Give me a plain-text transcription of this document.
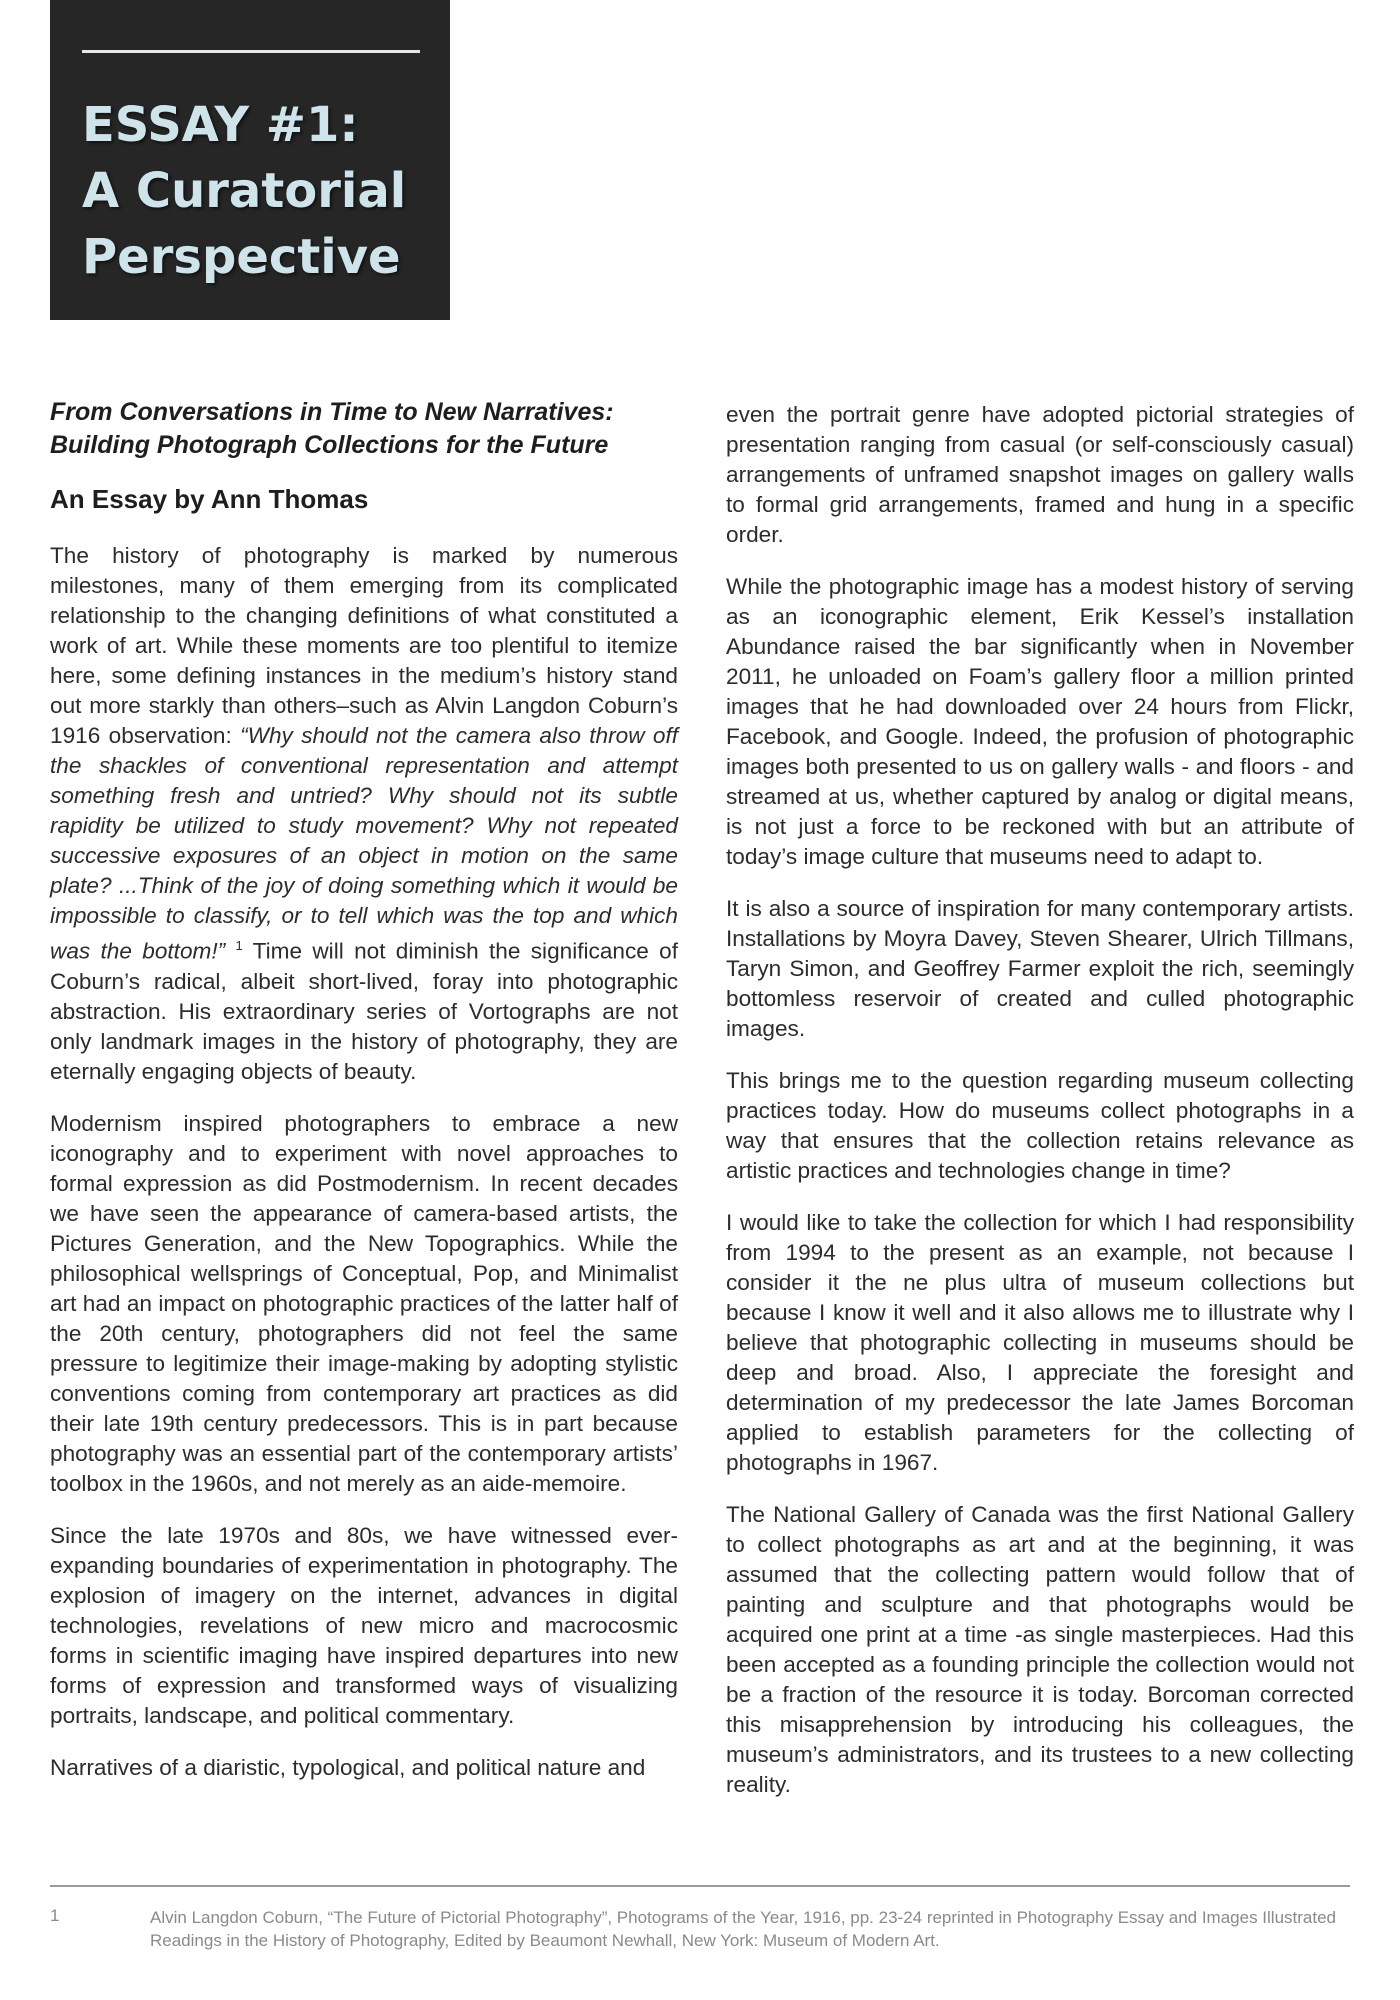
ESSAY #1:
A Curatorial
Perspective
From Conversations in Time to New Narratives:
Building Photograph Collections for the Future
An Essay by Ann Thomas

The history of photography is marked by numerous milestones, many of them emerging from its complicated relationship to the changing definitions of what constituted a work of art. While these moments are too plentiful to itemize here, some defining instances in the medium’s history stand out more starkly than others–such as Alvin Langdon Coburn’s 1916 observation: “Why should not the camera also throw off the shackles of conventional representation and attempt something fresh and untried? Why should not its subtle rapidity be utilized to study movement? Why not repeated successive exposures of an object in motion on the same plate? ...Think of the joy of doing something which it would be impossible to classify, or to tell which was the top and which was the bottom!” $^1$ Time will not diminish the significance of Coburn’s radical, albeit short-lived, foray into photographic abstraction. His extraordinary series of Vortographs are not only landmark images in the history of photography, they are eternally engaging objects of beauty.

Modernism inspired photographers to embrace a new iconography and to experiment with novel approaches to formal expression as did Postmodernism. In recent decades we have seen the appearance of camera-based artists, the Pictures Generation, and the New Topographics. While the philosophical wellsprings of Conceptual, Pop, and Minimalist art had an impact on photographic practices of the latter half of the 20th century, photographers did not feel the same pressure to legitimize their image-making by adopting stylistic conventions coming from contemporary art practices as did their late 19th century predecessors. This is in part because photography was an essential part of the contemporary artists’ toolbox in the 1960s, and not merely as an aide-memoire.

Since the late 1970s and 80s, we have witnessed ever-expanding boundaries of experimentation in photography. The explosion of imagery on the internet, advances in digital technologies, revelations of new micro and macrocosmic forms in scientific imaging have inspired departures into new forms of expression and transformed ways of visualizing portraits, landscape, and political commentary.

Narratives of a diaristic, typological, and political nature and

even the portrait genre have adopted pictorial strategies of presentation ranging from casual (or self-consciously casual) arrangements of unframed snapshot images on gallery walls to formal grid arrangements, framed and hung in a specific order.

While the photographic image has a modest history of serving as an iconographic element, Erik Kessel’s installation Abundance raised the bar significantly when in November 2011, he unloaded on Foam’s gallery floor a million printed images that he had downloaded over 24 hours from Flickr, Facebook, and Google. Indeed, the profusion of photographic images both presented to us on gallery walls - and floors - and streamed at us, whether captured by analog or digital means, is not just a force to be reckoned with but an attribute of today’s image culture that museums need to adapt to.

It is also a source of inspiration for many contemporary artists. Installations by Moyra Davey, Steven Shearer, Ulrich Tillmans, Taryn Simon, and Geoffrey Farmer exploit the rich, seemingly bottomless reservoir of created and culled photographic images.

This brings me to the question regarding museum collecting practices today. How do museums collect photographs in a way that ensures that the collection retains relevance as artistic practices and technologies change in time?

I would like to take the collection for which I had responsibility from 1994 to the present as an example, not because I consider it the ne plus ultra of museum collections but because I know it well and it also allows me to illustrate why I believe that photographic collecting in museums should be deep and broad. Also, I appreciate the foresight and determination of my predecessor the late James Borcoman applied to establish parameters for the collecting of photographs in 1967.

The National Gallery of Canada was the first National Gallery to collect photographs as art and at the beginning, it was assumed that the collecting pattern would follow that of painting and sculpture and that photographs would be acquired one print at a time -as single masterpieces. Had this been accepted as a founding principle the collection would not be a fraction of the resource it is today. Borcoman corrected this misapprehension by introducing his colleagues, the museum’s administrators, and its trustees to a new collecting reality.

1	Alvin Langdon Coburn, “The Future of Pictorial Photography”, Photograms of the Year, 1916, pp. 23-24 reprinted in Photography Essay and Images Illustrated Readings in the History of Photography, Edited by Beaumont Newhall, New York: Museum of Modern Art.
